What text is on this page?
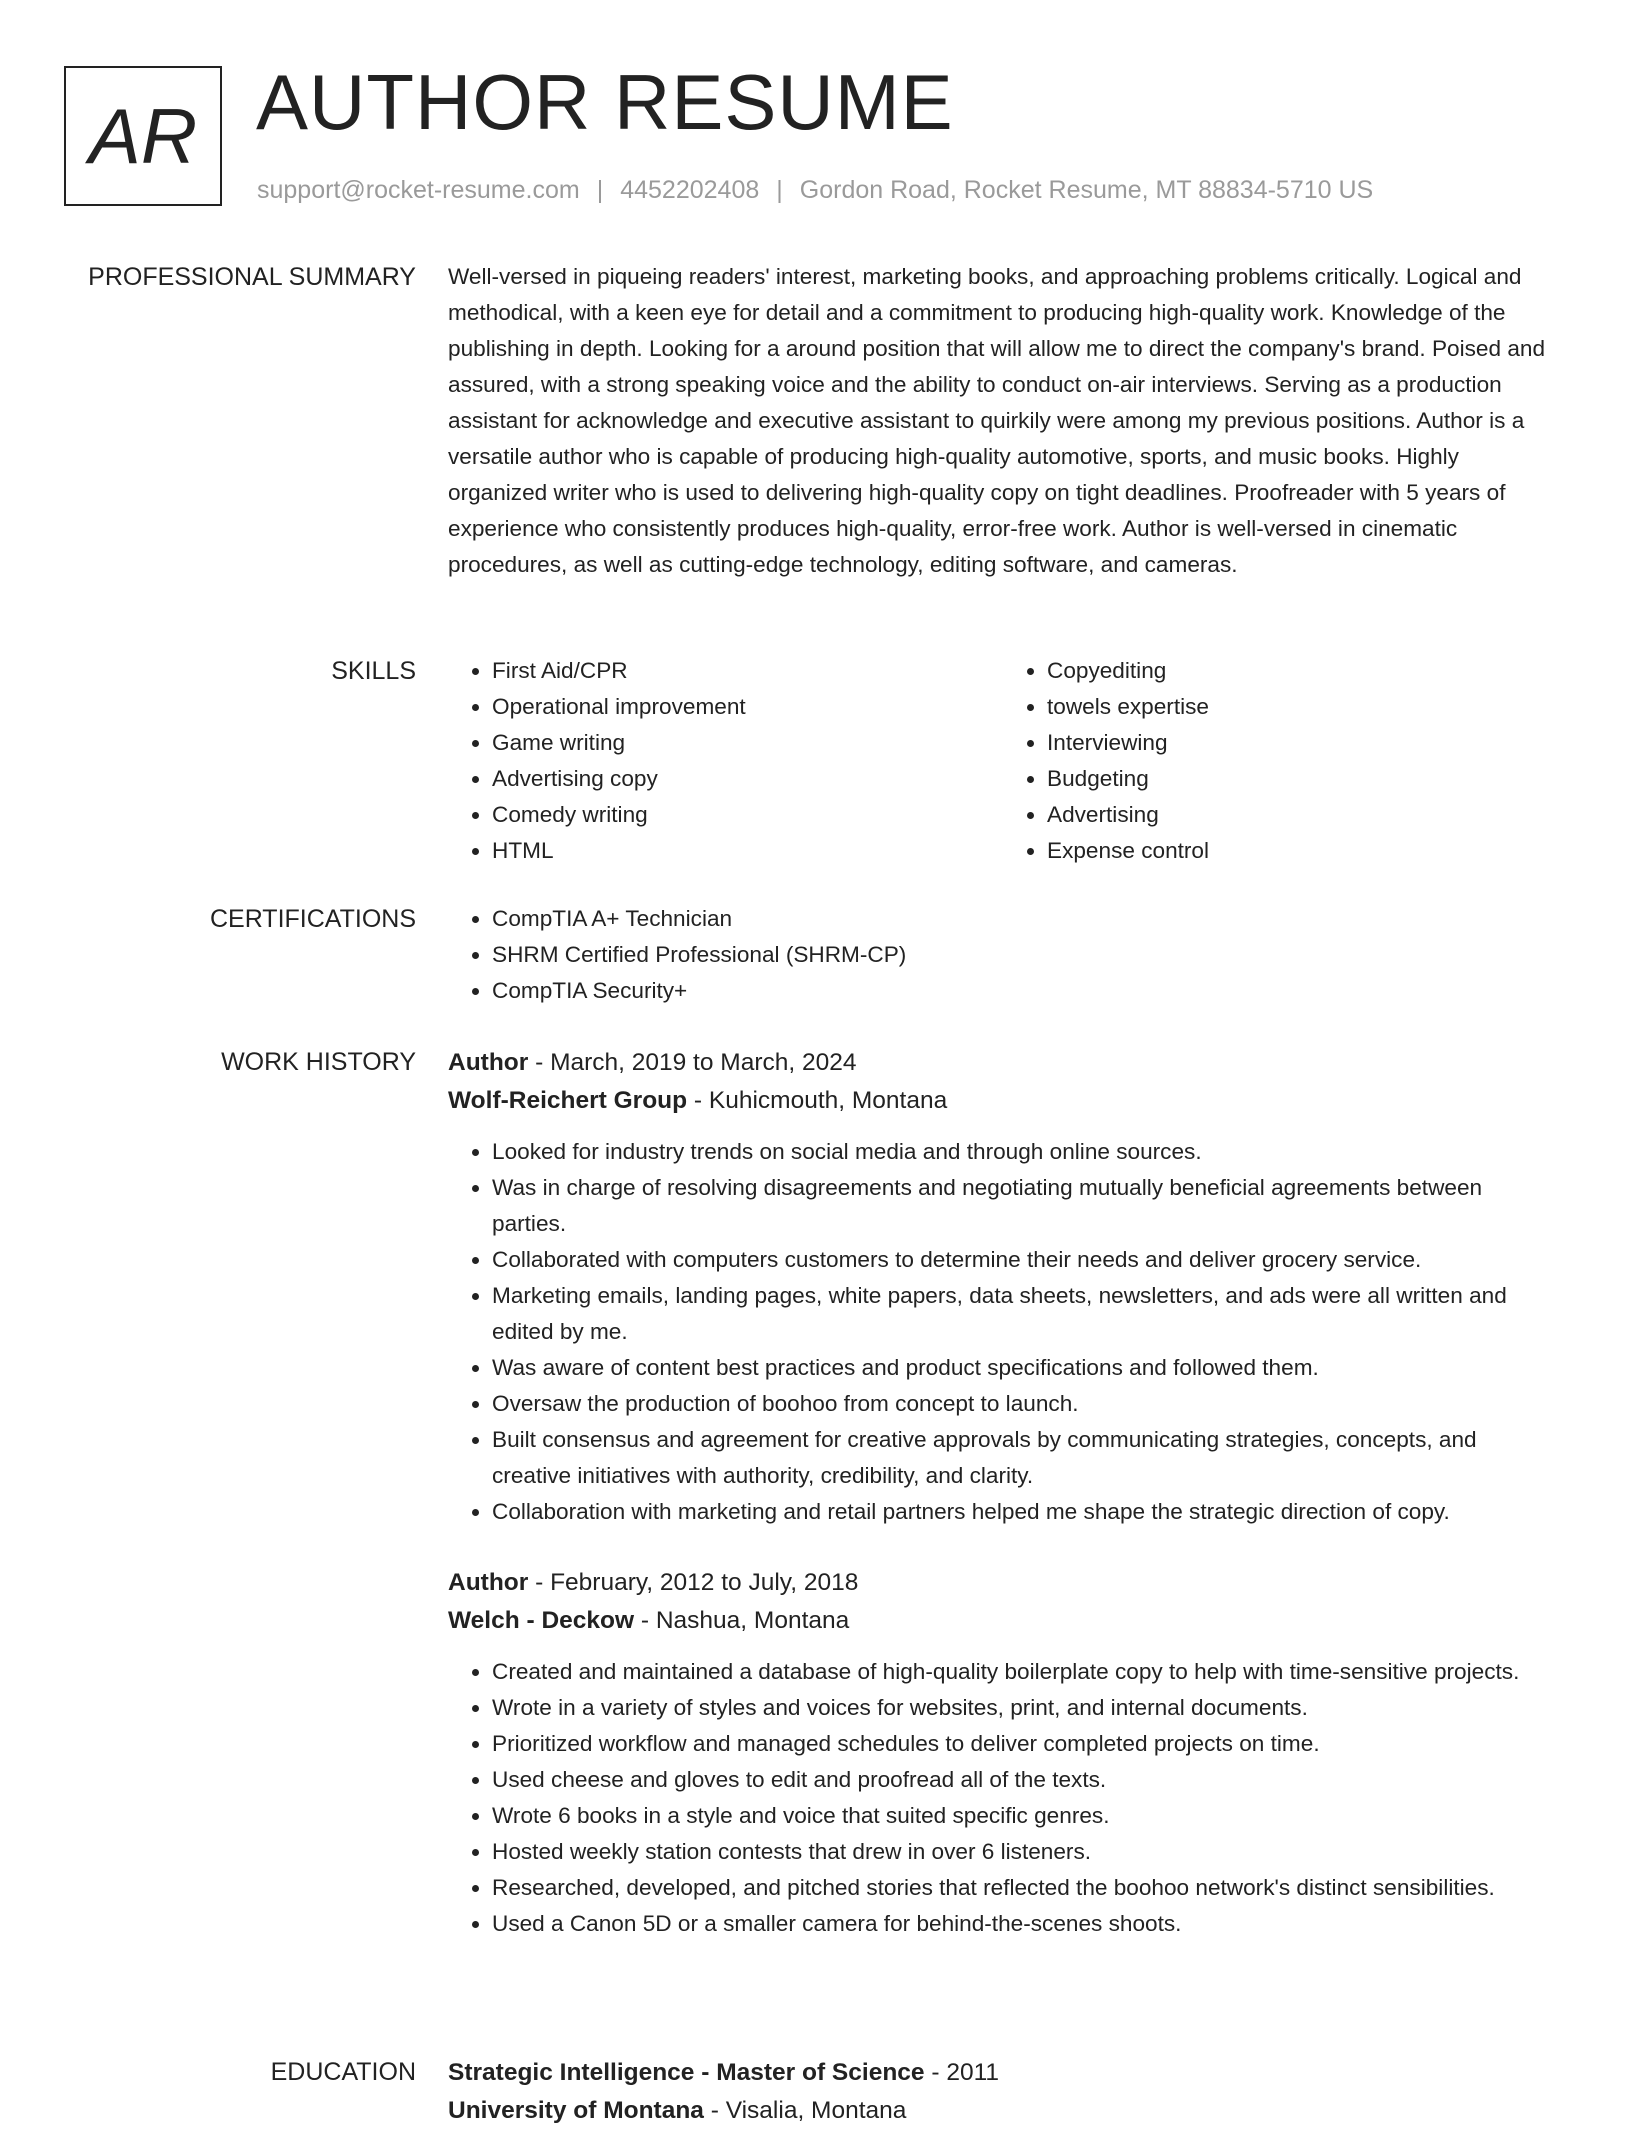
AR AUTHOR RESUME
support@rocket-resume.com | 4452202408 | Gordon Road, Rocket Resume, MT 88834-5710 US
PROFESSIONAL SUMMARY Well-versed in piqueing readers' interest, marketing books, and approaching problems critically. Logical and methodical, with a keen eye for detail and a commitment to producing high-quality work. Knowledge of the publishing in depth. Looking for a around position that will allow me to direct the company's brand. Poised and assured, with a strong speaking voice and the ability to conduct on-air interviews. Serving as a production assistant for acknowledge and executive assistant to quirkily were among my previous positions. Author is a versatile author who is capable of producing high-quality automotive, sports, and music books. Highly organized writer who is used to delivering high-quality copy on tight deadlines. Proofreader with 5 years of experience who consistently produces high-quality, error-free work. Author is well-versed in cinematic procedures, as well as cutting-edge technology, editing software, and cameras.

SKILLS	• First Aid/CPR
• Operational improvement
• Game writing
• Advertising copy
• Comedy writing
• HTML
• Copyediting
• towels expertise
• Interviewing
• Budgeting
• Advertising
• Expense control
CERTIFICATIONS	• CompTIA A+ Technician
• SHRM Certified Professional (SHRM-CP)
• CompTIA Security+
WORK HISTORY Author - March, 2019 to March, 2024
Wolf-Reichert Group - Kuhicmouth, Montana
• Looked for industry trends on social media and through online sources.
• Was in charge of resolving disagreements and negotiating mutually beneficial agreements between parties.
• Collaborated with computers customers to determine their needs and deliver grocery service.
• Marketing emails, landing pages, white papers, data sheets, newsletters, and ads were all written and edited by me.
• Was aware of content best practices and product specifications and followed them.
• Oversaw the production of boohoo from concept to launch.
• Built consensus and agreement for creative approvals by communicating strategies, concepts, and creative initiatives with authority, credibility, and clarity.
• Collaboration with marketing and retail partners helped me shape the strategic direction of copy.
Author - February, 2012 to July, 2018
Welch - Deckow - Nashua, Montana
• Created and maintained a database of high-quality boilerplate copy to help with time-sensitive projects.
• Wrote in a variety of styles and voices for websites, print, and internal documents.
• Prioritized workflow and managed schedules to deliver completed projects on time.
• Used cheese and gloves to edit and proofread all of the texts.
• Wrote 6 books in a style and voice that suited specific genres.
• Hosted weekly station contests that drew in over 6 listeners.
• Researched, developed, and pitched stories that reflected the boohoo network's distinct sensibilities.
• Used a Canon 5D or a smaller camera for behind-the-scenes shoots.
EDUCATION Strategic Intelligence - Master of Science - 2011
University of Montana - Visalia, Montana
